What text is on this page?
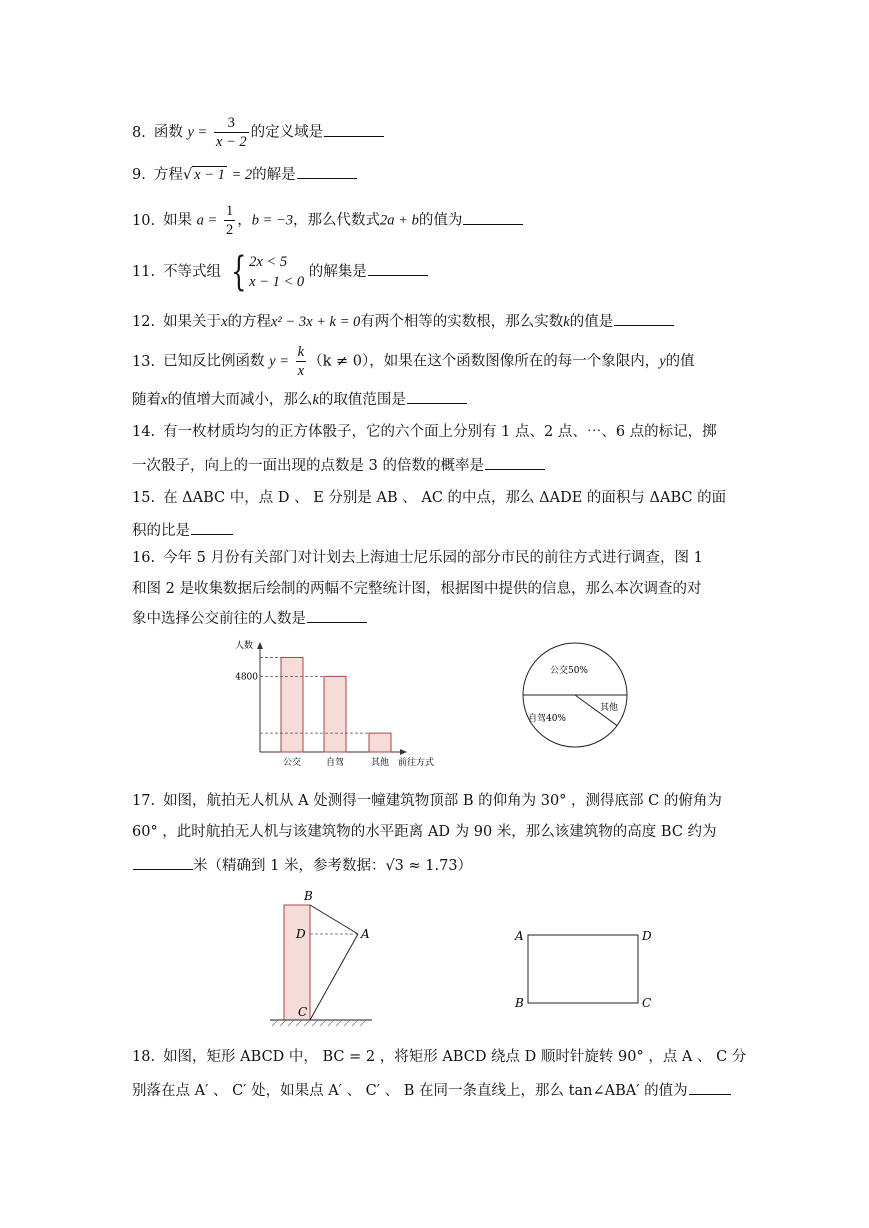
8. 函数 $y = \frac{3}{x - 2}$ 的定义域是
9. 方程√ x − 1 = 2的解是
10. 如果 $a = \frac{1}{2}$ ，b = −3，那么代数式2a + b的值为
11. 不等式组 { 2x < 5
x − 1 < 0
的解集是
12. 如果关于x的方程x² − 3x + k = 0有两个相等的实数根，那么实数k的值是
13. 已知反比例函数 $y = \frac{k}{x} (k \ne 0)$，如果在这个函数图像所在的每一个象限内，y的值
随着x的值增大而减小，那么k的取值范围是
14. 有一枚材质均匀的正方体骰子，它的六个面上分别有 1 点、2 点、⋯、6 点的标记，掷
一次骰子，向上的一面出现的点数是 3 的倍数的概率是
15. 在 ΔABC 中，点 D 、 E 分别是 AB 、 AC 的中点，那么 ΔADE 的面积与 ΔABC 的面
积的比是
16. 今年 5 月份有关部门对计划去上海迪士尼乐园的部分市民的前往方式进行调查，图 1
和图 2 是收集数据后绘制的两幅不完整统计图，根据图中提供的信息，那么本次调查的对
象中选择公交前往的人数是
公交	自驾	其他
4800
人数
前往方式
公交50%
自驾40%
其他
17. 如图，航拍无人机从 A 处测得一幢建筑物顶部 B 的仰角为 30° ，测得底部 C 的俯角为
60° ，此时航拍无人机与该建筑物的水平距离 AD 为 90 米，那么该建筑物的高度 BC 约为
米（精确到 1 米，参考数据：√3 ≈ 1.73）
B
D	A
C
A	D
B	C
18. 如图，矩形 ABCD 中， BC = 2 ，将矩形 ABCD 绕点 D 顺时针旋转 90° ，点 A 、 C 分
别落在点 A′ 、 C′ 处，如果点 A′ 、 C′ 、 B 在同一条直线上，那么 tan∠ABA′ 的值为
